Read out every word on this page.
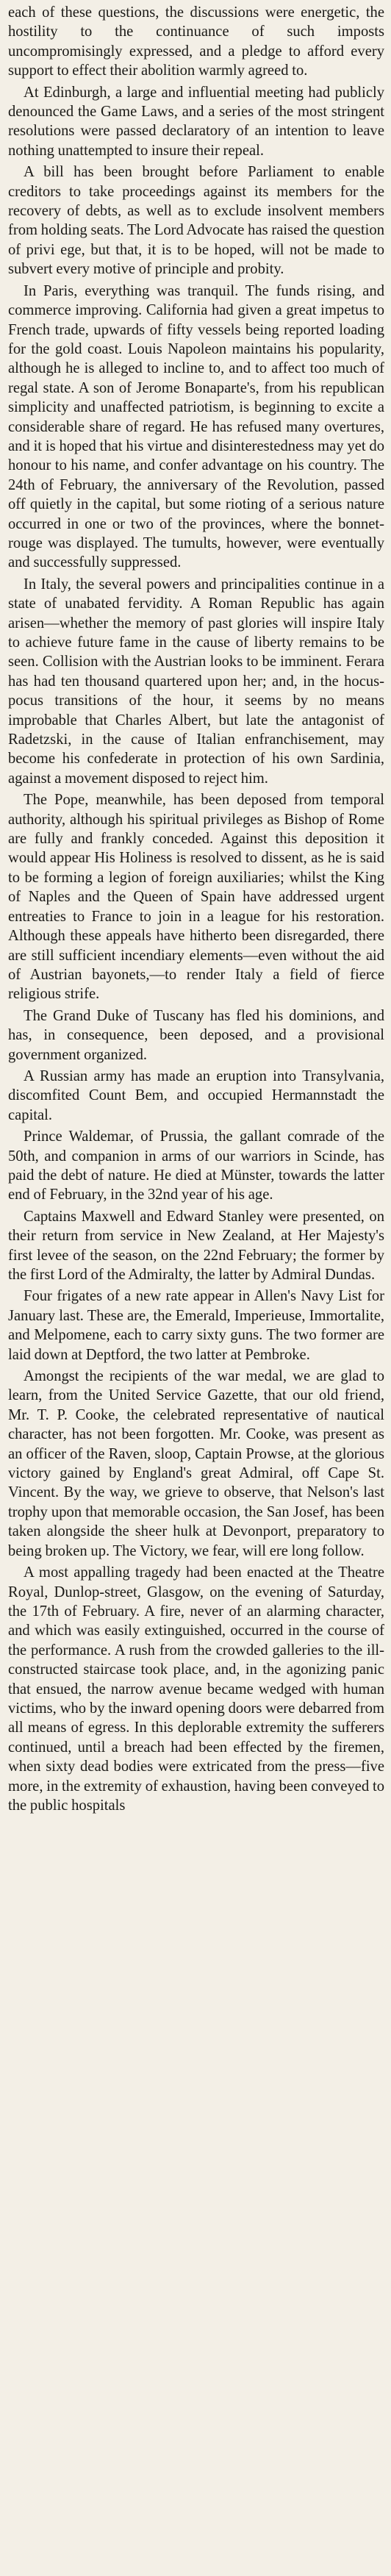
each of these questions, the discussions were energetic, the hostility to the continuance of such imposts uncompromisingly expressed, and a pledge to afford every support to effect their abolition warmly agreed to.

At Edinburgh, a large and influential meeting had publicly denounced the Game Laws, and a series of the most stringent resolutions were passed declaratory of an intention to leave nothing unattempted to insure their repeal.

A bill has been brought before Parliament to enable creditors to take proceedings against its members for the recovery of debts, as well as to exclude insolvent members from holding seats. The Lord Advocate has raised the question of privi ege, but that, it is to be hoped, will not be made to subvert every motive of principle and probity.

In Paris, everything was tranquil. The funds rising, and commerce improving. California had given a great impetus to French trade, upwards of fifty vessels being reported loading for the gold coast. Louis Napoleon maintains his popularity, although he is alleged to incline to, and to affect too much of regal state. A son of Jerome Bonaparte's, from his republican simplicity and unaffected patriotism, is beginning to excite a considerable share of regard. He has refused many overtures, and it is hoped that his virtue and disinterestedness may yet do honour to his name, and confer advantage on his country. The 24th of February, the anniversary of the Revolution, passed off quietly in the capital, but some rioting of a serious nature occurred in one or two of the provinces, where the bonnet-rouge was displayed. The tumults, however, were eventually and successfully suppressed.

In Italy, the several powers and principalities continue in a state of unabated fervidity. A Roman Republic has again arisen—whether the memory of past glories will inspire Italy to achieve future fame in the cause of liberty remains to be seen. Collision with the Austrian looks to be imminent. Ferara has had ten thousand quartered upon her; and, in the hocus-pocus transitions of the hour, it seems by no means improbable that Charles Albert, but late the antagonist of Radetzski, in the cause of Italian enfranchisement, may become his confederate in protection of his own Sardinia, against a movement disposed to reject him.

The Pope, meanwhile, has been deposed from temporal authority, although his spiritual privileges as Bishop of Rome are fully and frankly conceded. Against this deposition it would appear His Holiness is resolved to dissent, as he is said to be forming a legion of foreign auxiliaries; whilst the King of Naples and the Queen of Spain have addressed urgent entreaties to France to join in a league for his restoration. Although these appeals have hitherto been disregarded, there are still sufficient incendiary elements—even without the aid of Austrian bayonets,—to render Italy a field of fierce religious strife.

The Grand Duke of Tuscany has fled his dominions, and has, in consequence, been deposed, and a provisional government organized.

A Russian army has made an eruption into Transylvania, discomfited Count Bem, and occupied Hermannstadt the capital.

Prince Waldemar, of Prussia, the gallant comrade of the 50th, and companion in arms of our warriors in Scinde, has paid the debt of nature. He died at Münster, towards the latter end of February, in the 32nd year of his age.

Captains Maxwell and Edward Stanley were presented, on their return from service in New Zealand, at Her Majesty's first levee of the season, on the 22nd February; the former by the first Lord of the Admiralty, the latter by Admiral Dundas.

Four frigates of a new rate appear in Allen's Navy List for January last. These are, the Emerald, Imperieuse, Immortalite, and Melpomene, each to carry sixty guns. The two former are laid down at Deptford, the two latter at Pembroke.

Amongst the recipients of the war medal, we are glad to learn, from the United Service Gazette, that our old friend, Mr. T. P. Cooke, the celebrated representative of nautical character, has not been forgotten. Mr. Cooke, was present as an officer of the Raven, sloop, Captain Prowse, at the glorious victory gained by England's great Admiral, off Cape St. Vincent. By the way, we grieve to observe, that Nelson's last trophy upon that memorable occasion, the San Josef, has been taken alongside the sheer hulk at Devonport, preparatory to being broken up. The Victory, we fear, will ere long follow.

A most appalling tragedy had been enacted at the Theatre Royal, Dunlop-street, Glasgow, on the evening of Saturday, the 17th of February. A fire, never of an alarming character, and which was easily extinguished, occurred in the course of the performance. A rush from the crowded galleries to the ill-constructed staircase took place, and, in the agonizing panic that ensued, the narrow avenue became wedged with human victims, who by the inward opening doors were debarred from all means of egress. In this deplorable extremity the sufferers continued, until a breach had been effected by the firemen, when sixty dead bodies were extricated from the press—five more, in the extremity of exhaustion, having been conveyed to the public hospitals
